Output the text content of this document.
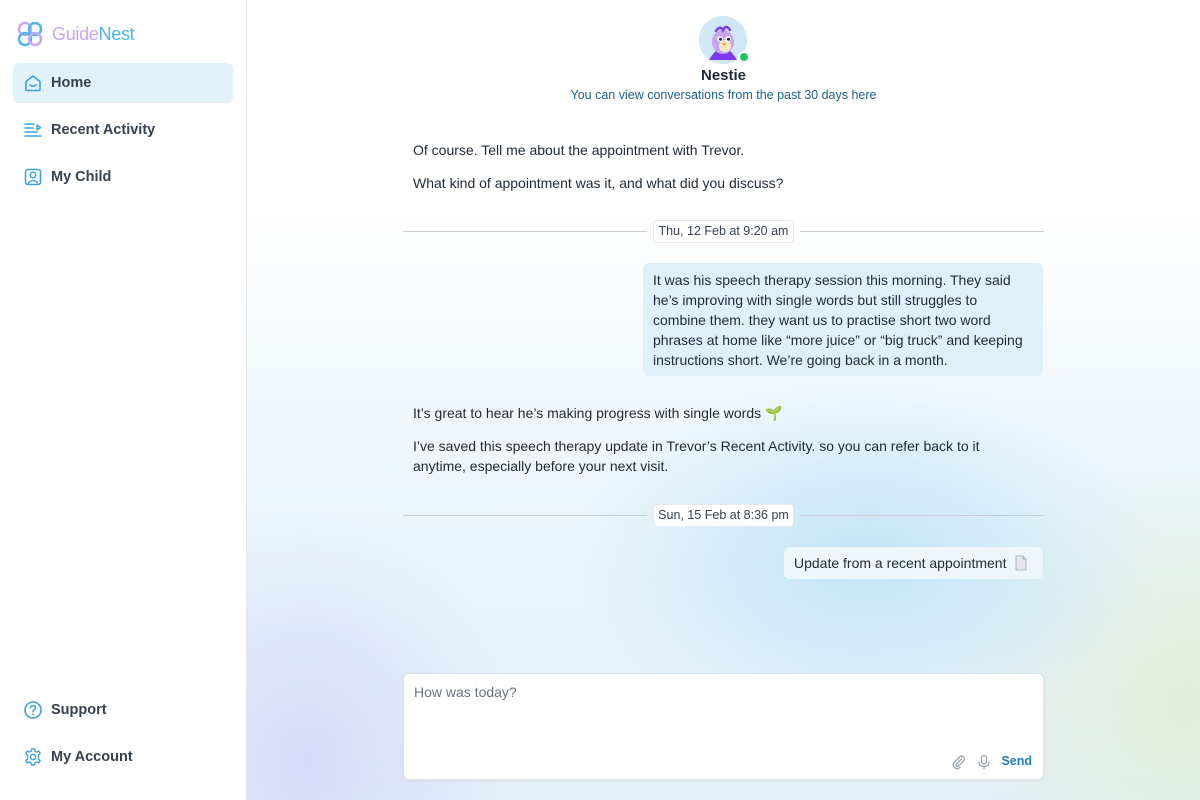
GuideNest
Home
Recent Activity
My Child
Support
My Account
Nestie
You can view conversations from the past 30 days here
Of course. Tell me about the appointment with Trevor.
What kind of appointment was it, and what did you discuss?
Thu, 12 Feb at 9:20 am
It was his speech therapy session this morning. They said he’s improving with single words but still struggles to combine them. they want us to practise short two word phrases at home like “more juice” or “big truck” and keeping instructions short. We’re going back in a month.
It’s great to hear he’s making progress with single words 🌱
I’ve saved this speech therapy update in Trevor’s Recent Activity. so you can refer back to it anytime, especially before your next visit.
Sun, 15 Feb at 8:36 pm
Update from a recent appointment
How was today?
Send
